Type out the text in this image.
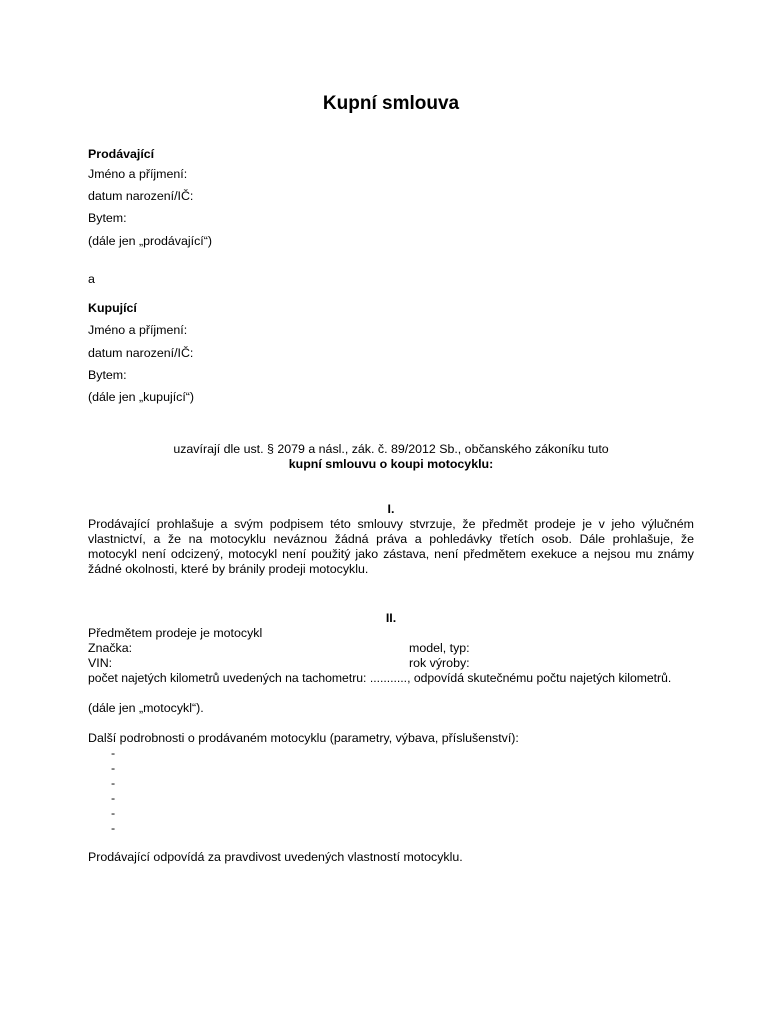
Kupní smlouva
Prodávající
Jméno a příjmení:
datum narození/IČ:
Bytem:
(dále jen „prodávající“)
a
Kupující
Jméno a příjmení:
datum narození/IČ:
Bytem:
(dále jen „kupující“)
uzavírají dle ust. § 2079 a násl., zák. č. 89/2012 Sb., občanského zákoníku tuto
kupní smlouvu o koupi motocyklu:
I.
Prodávající prohlašuje a svým podpisem této smlouvy stvrzuje, že předmět prodeje je v jeho výlučném
vlastnictví, a že na motocyklu neváznou žádná práva a pohledávky třetích osob. Dále prohlašuje, že
motocykl není odcizený, motocykl není použitý jako zástava, není předmětem exekuce a nejsou mu známy
žádné okolnosti, které by bránily prodeji motocyklu.
II.
Předmětem prodeje je motocykl
Značka:	model, typ:
VIN:	rok výroby:
počet najetých kilometrů uvedených na tachometru: ..........., odpovídá skutečnému počtu najetých kilometrů.
(dále jen „motocykl“).
Další podrobnosti o prodávaném motocyklu (parametry, výbava, příslušenství):
-
-
-
-
-
-
Prodávající odpovídá za pravdivost uvedených vlastností motocyklu.
